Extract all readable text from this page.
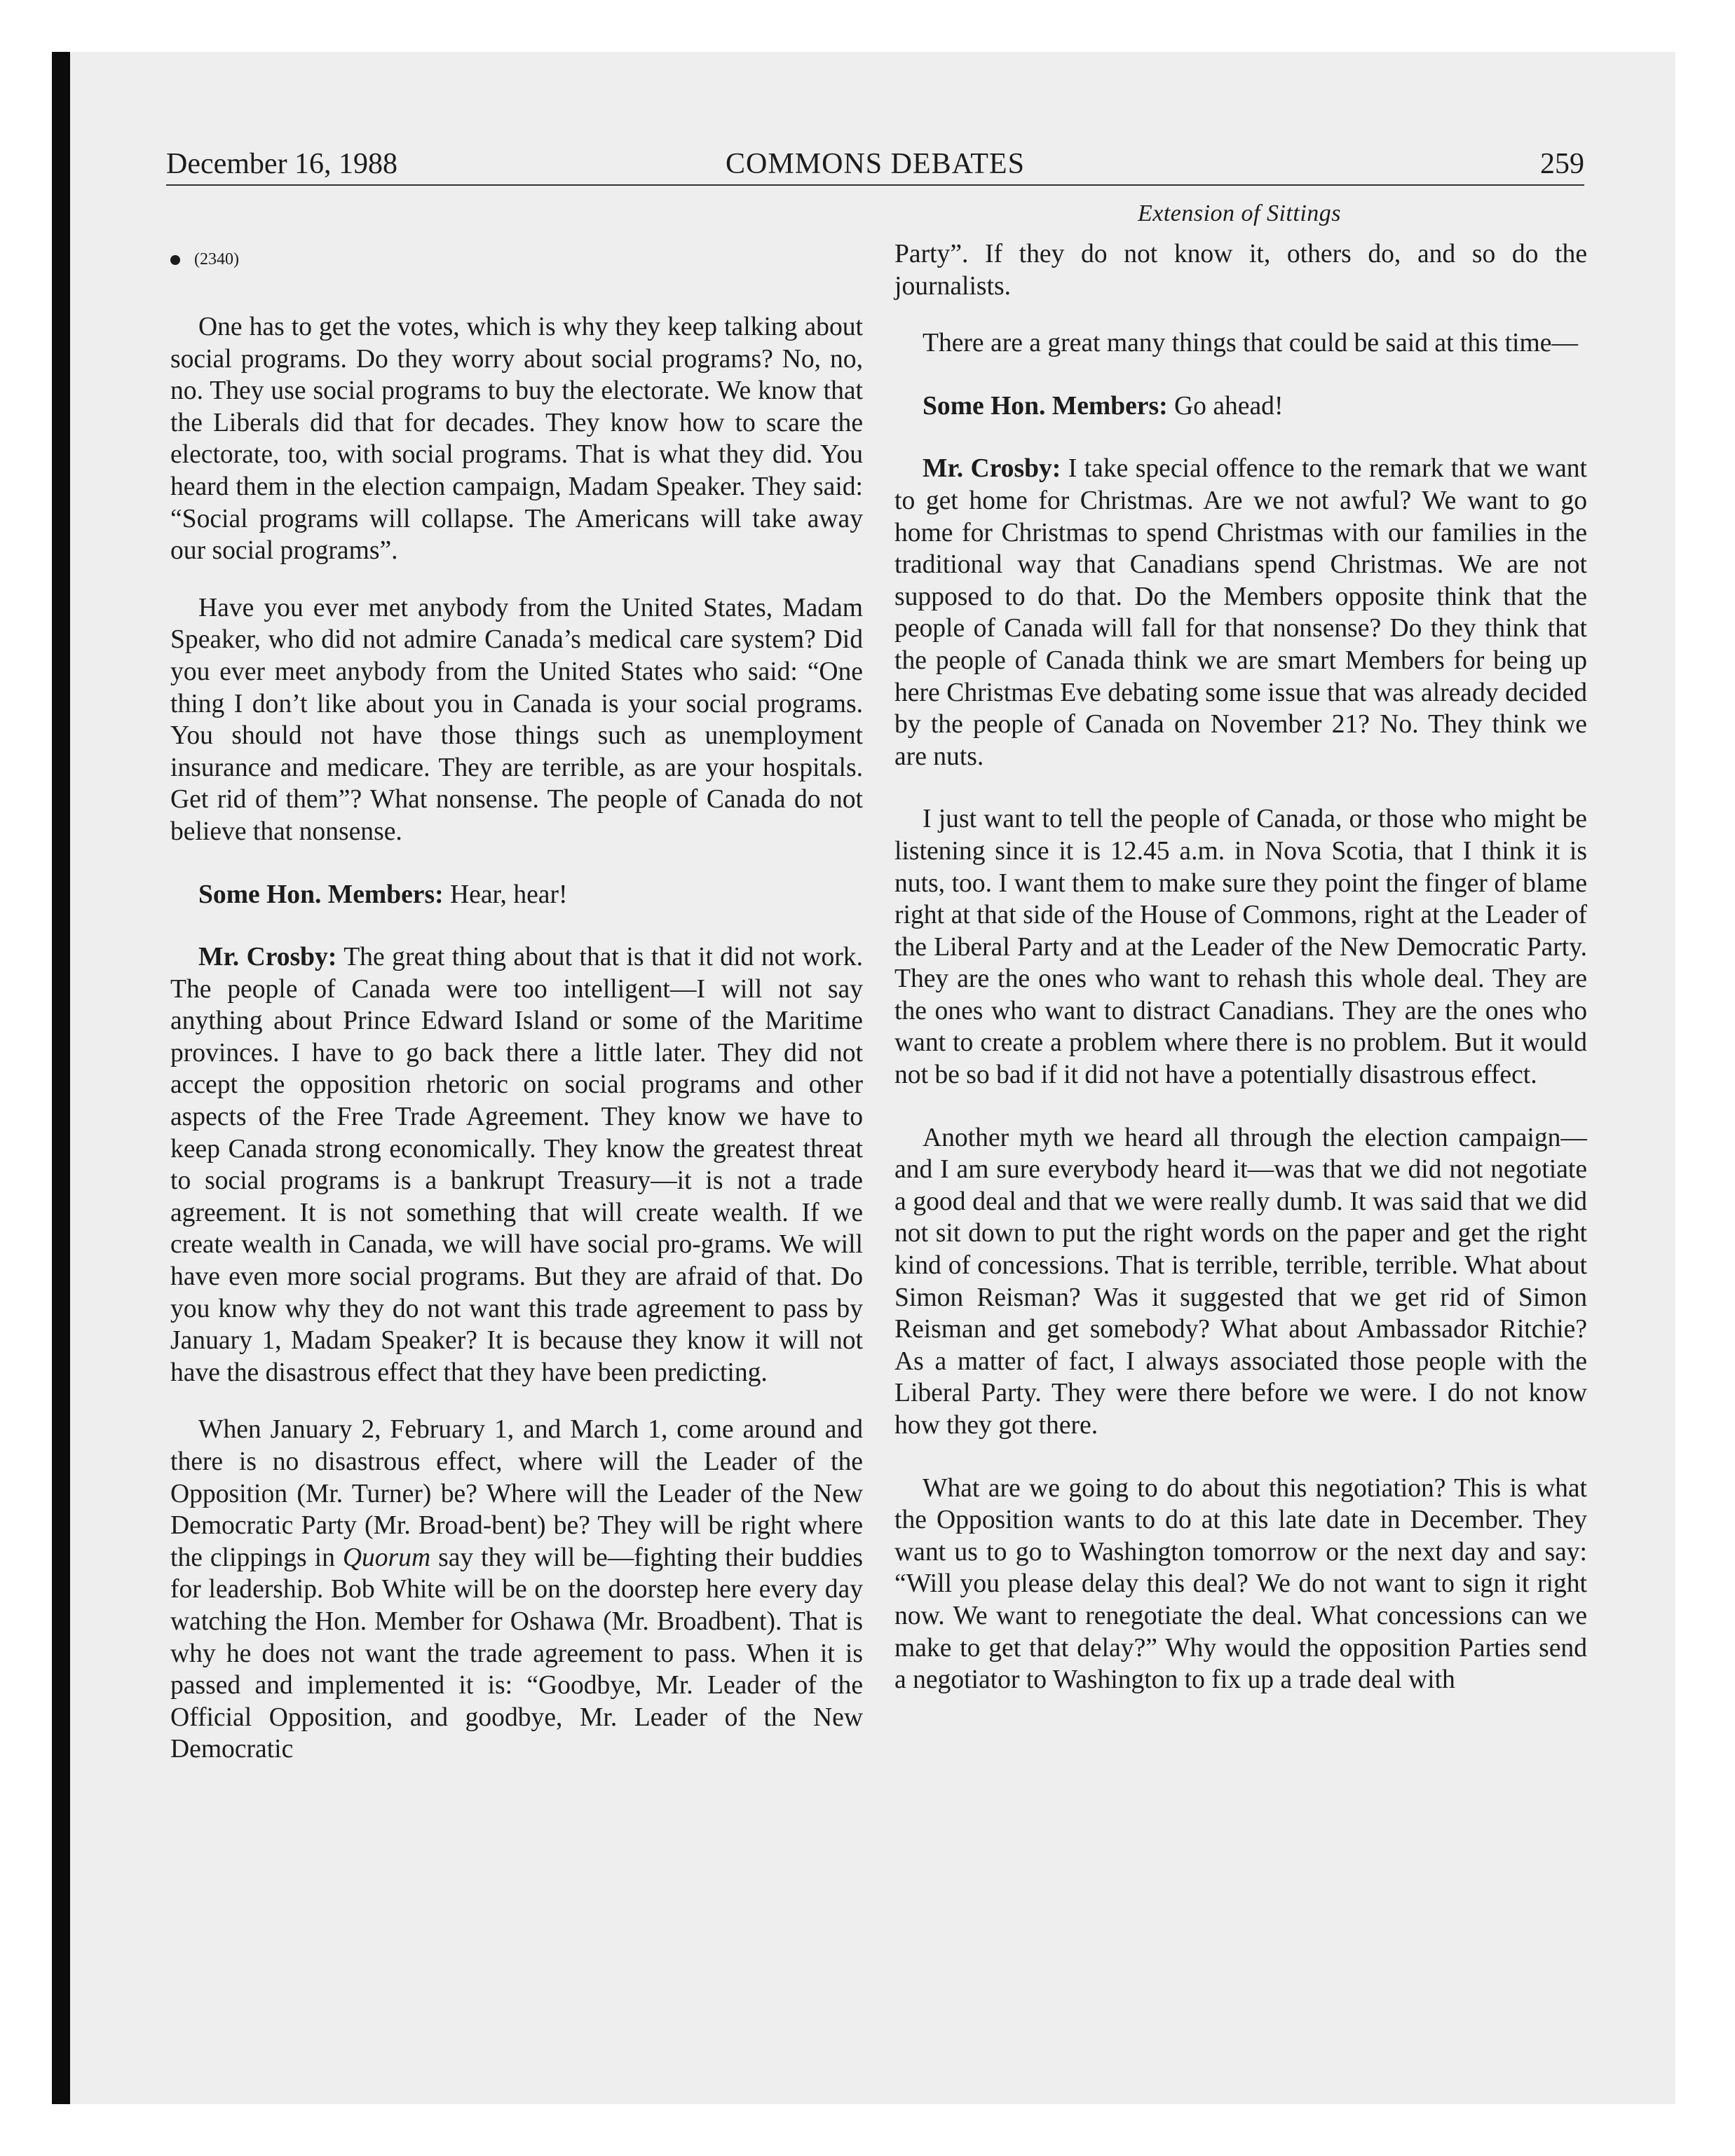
December 16, 1988	COMMONS DEBATES	259
Extension of Sittings

(2340)

One has to get the votes, which is why they keep talking about social programs. Do they worry about social programs? No, no, no. They use social programs to buy the electorate. We know that the Liberals did that for decades. They know how to scare the electorate, too, with social programs. That is what they did. You heard them in the election campaign, Madam Speaker. They said: “Social programs will collapse. The Americans will take away our social programs”.

Have you ever met anybody from the United States, Madam Speaker, who did not admire Canada’s medical care system? Did you ever meet anybody from the United States who said: “One thing I don’t like about you in Canada is your social programs. You should not have those things such as unemployment insurance and medicare. They are terrible, as are your hospitals. Get rid of them”? What nonsense. The people of Canada do not believe that nonsense.

Some Hon. Members: Hear, hear!

Mr. Crosby: The great thing about that is that it did not work. The people of Canada were too intelligent—I will not say anything about Prince Edward Island or some of the Maritime provinces. I have to go back there a little later. They did not accept the opposition rhetoric on social programs and other aspects of the Free Trade Agreement. They know we have to keep Canada strong economically. They know the greatest threat to social programs is a bankrupt Treasury—it is not a trade agreement. It is not something that will create wealth. If we create wealth in Canada, we will have social pro-grams. We will have even more social programs. But they are afraid of that. Do you know why they do not want this trade agreement to pass by January 1, Madam Speaker? It is because they know it will not have the disastrous effect that they have been predicting.

When January 2, February 1, and March 1, come around and there is no disastrous effect, where will the Leader of the Opposition (Mr. Turner) be? Where will the Leader of the New Democratic Party (Mr. Broad-bent) be? They will be right where the clippings in Quorum say they will be—fighting their buddies for leadership. Bob White will be on the doorstep here every day watching the Hon. Member for Oshawa (Mr. Broadbent). That is why he does not want the trade agreement to pass. When it is passed and implemented it is: “Goodbye, Mr. Leader of the Official Opposition, and goodbye, Mr. Leader of the New Democratic

Party”. If they do not know it, others do, and so do the journalists.

There are a great many things that could be said at this time—

Some Hon. Members: Go ahead!

Mr. Crosby: I take special offence to the remark that we want to get home for Christmas. Are we not awful? We want to go home for Christmas to spend Christmas with our families in the traditional way that Canadians spend Christmas. We are not supposed to do that. Do the Members opposite think that the people of Canada will fall for that nonsense? Do they think that the people of Canada think we are smart Members for being up here Christmas Eve debating some issue that was already decided by the people of Canada on November 21? No. They think we are nuts.

I just want to tell the people of Canada, or those who might be listening since it is 12.45 a.m. in Nova Scotia, that I think it is nuts, too. I want them to make sure they point the finger of blame right at that side of the House of Commons, right at the Leader of the Liberal Party and at the Leader of the New Democratic Party. They are the ones who want to rehash this whole deal. They are the ones who want to distract Canadians. They are the ones who want to create a problem where there is no problem. But it would not be so bad if it did not have a potentially disastrous effect.

Another myth we heard all through the election campaign—and I am sure everybody heard it—was that we did not negotiate a good deal and that we were really dumb. It was said that we did not sit down to put the right words on the paper and get the right kind of concessions. That is terrible, terrible, terrible. What about Simon Reisman? Was it suggested that we get rid of Simon Reisman and get somebody? What about Ambassador Ritchie? As a matter of fact, I always associated those people with the Liberal Party. They were there before we were. I do not know how they got there.

What are we going to do about this negotiation? This is what the Opposition wants to do at this late date in December. They want us to go to Washington tomorrow or the next day and say: “Will you please delay this deal? We do not want to sign it right now. We want to renegotiate the deal. What concessions can we make to get that delay?” Why would the opposition Parties send a negotiator to Washington to fix up a trade deal with
